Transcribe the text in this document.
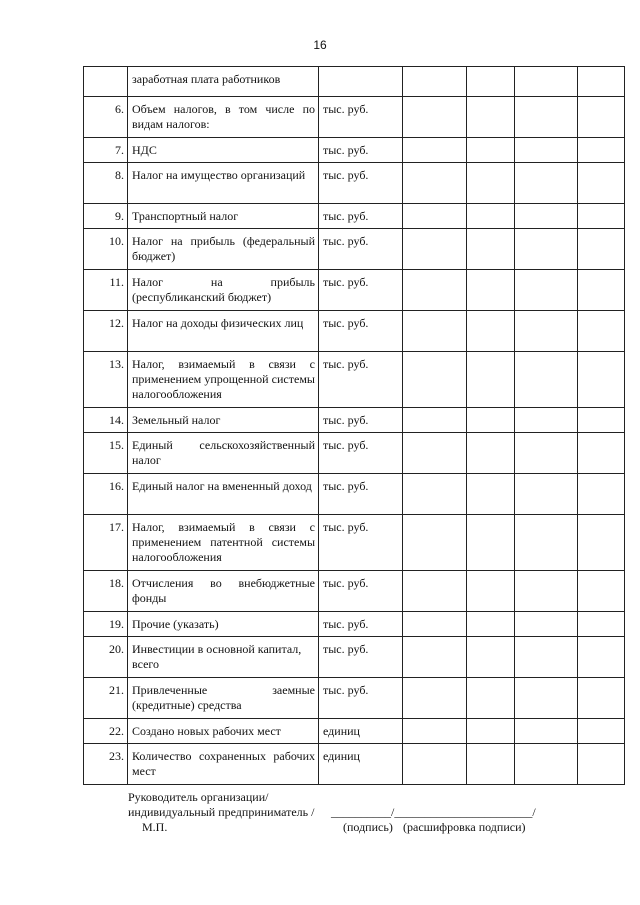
16
	заработная плата работников					
6.	Объем налогов, в том числе по видам налогов:	тыс. руб.				
7.	НДС	тыс. руб.				
8.	Налог на имущество организаций	тыс. руб.				
9.	Транспортный налог	тыс. руб.				
10.	Налог на прибыль (федеральный бюджет)	тыс. руб.				
11.	Налог на прибыль (республиканский бюджет)	тыс. руб.				
12.	Налог на доходы физических лиц	тыс. руб.				
13.	Налог, взимаемый в связи с применением упрощенной системы налогообложения	тыс. руб.				
14.	Земельный налог	тыс. руб.				
15.	Единый сельскохозяйственный налог	тыс. руб.				
16.	Единый налог на вмененный доход	тыс. руб.				
17.	Налог, взимаемый в связи с применением патентной системы налогообложения	тыс. руб.				
18.	Отчисления во внебюджетные фонды	тыс. руб.				
19.	Прочие (указать)	тыс. руб.				
20.	Инвестиции в основной капитал, всего	тыс. руб.				
21.	Привлеченные заемные (кредитные) средства	тыс. руб.				
22.	Создано новых рабочих мест	единиц				
23.	Количество сохраненных рабочих мест	единиц				
Руководитель организации/
индивидуальный предприниматель / __________/_______________________/
М.П.	(подпись) (расшифровка подписи)
